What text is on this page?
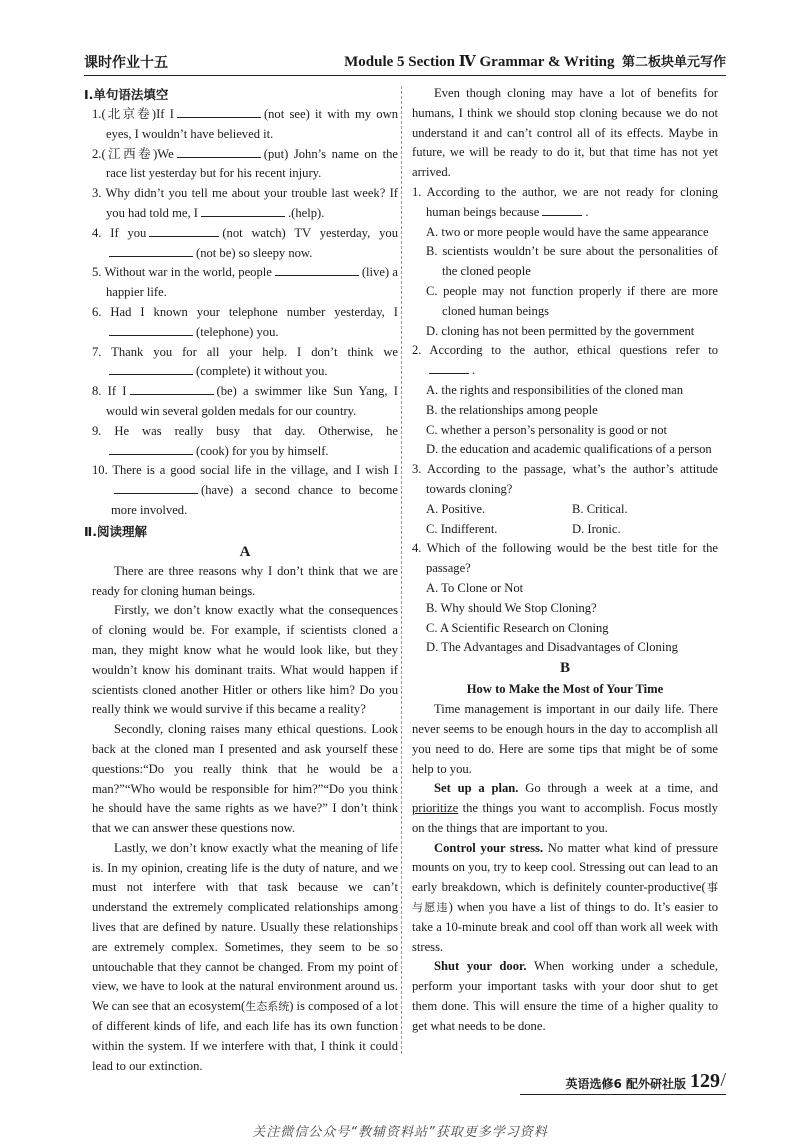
课时作业十五	Module 5 Section Ⅳ Grammar & Writing 第二板块单元写作
Ⅰ.单句语法填空
1.(北京卷)If I	(not see) it with my own eyes, I wouldn’t have believed it.
2.(江西卷)We	(put) John’s name on the race list yesterday but for his recent injury.
3. Why didn’t you tell me about your trouble last week? If you had told me, I	.(help).
4. If you	(not watch) TV yesterday, you(not be) so sleepy now.
5. Without war in the world, people	(live) a happier life.
6. Had I known your telephone number yesterday, I(telephone) you.
7. Thank you for all your help. I don’t think we(complete) it without you.
8. If I	(be) a swimmer like Sun Yang, I would win several golden medals for our country.
9. He was really busy that day. Otherwise, he(cook) for you by himself.
10. There is a good social life in the village, and I wish I(have) a second chance to become more involved.
Ⅱ.阅读理解
A
There are three reasons why I don’t think that we are ready for cloning human beings.
Firstly, we don’t know exactly what the consequences of cloning would be. For example, if scientists cloned a man, they might know what he would look like, but they wouldn’t know his dominant traits. What would happen if scientists cloned another Hitler or others like him? Do you really think we would survive if this became a reality?
Secondly, cloning raises many ethical questions. Look back at the cloned man I presented and ask yourself these questions:“Do you really think that he would be a man?”“Who would be responsible for him?”“Do you think he should have the same rights as we have?” I don’t think that we can answer these questions now.
Lastly, we don’t know exactly what the meaning of life is. In my opinion, creating life is the duty of nature, and we must not interfere with that task because we can’t understand the extremely complicated relationships among lives that are defined by nature. Usually these relationships are extremely complex. Sometimes, they seem to be so untouchable that they cannot be changed. From my point of view, we have to look at the natural environment around us. We can see that an ecosystem(生态系统) is composed of a lot of different kinds of life, and each life has its own function within the system. If we interfere with that, I think it could lead to our extinction.
Even though cloning may have a lot of benefits for humans, I think we should stop cloning because we do not understand it and can’t control all of its effects. Maybe in future, we will be ready to do it, but that time has not yet arrived.
1. According to the author, we are not ready for cloning human beings because	.
A. two or more people would have the same appearance
B. scientists wouldn’t be sure about the personalities of the cloned people
C. people may not function properly if there are more cloned human beings
D. cloning has not been permitted by the government
2. According to the author, ethical questions refer to.
A. the rights and responsibilities of the cloned man
B. the relationships among people
C. whether a person’s personality is good or not
D. the education and academic qualifications of a person
3. According to the passage, what’s the author’s attitude towards cloning?
A. Positive.	B. Critical.
C. Indifferent.	D. Ironic.
4. Which of the following would be the best title for the passage?
A. To Clone or Not
B. Why should We Stop Cloning?
C. A Scientific Research on Cloning
D. The Advantages and Disadvantages of Cloning
B
How to Make the Most of Your Time
Time management is important in our daily life. There never seems to be enough hours in the day to accomplish all you need to do. Here are some tips that might be of some help to you.
Set up a plan. Go through a week at a time, and prioritize the things you want to accomplish. Focus mostly on the things that are important to you.
Control your stress. No matter what kind of pressure mounts on you, try to keep cool. Stressing out can lead to an early breakdown, which is definitely counter-productive(事与愿违) when you have a list of things to do. It’s easier to take a 10-minute break and cool off than work all week with stress.
Shut your door. When working under a schedule, perform your important tasks with your door shut to get them done. This will ensure the time of a higher quality to get what needs to be done.
英语选修6 配外研社版 129 /
关注微信公众号“教辅资料站”获取更多学习资料
